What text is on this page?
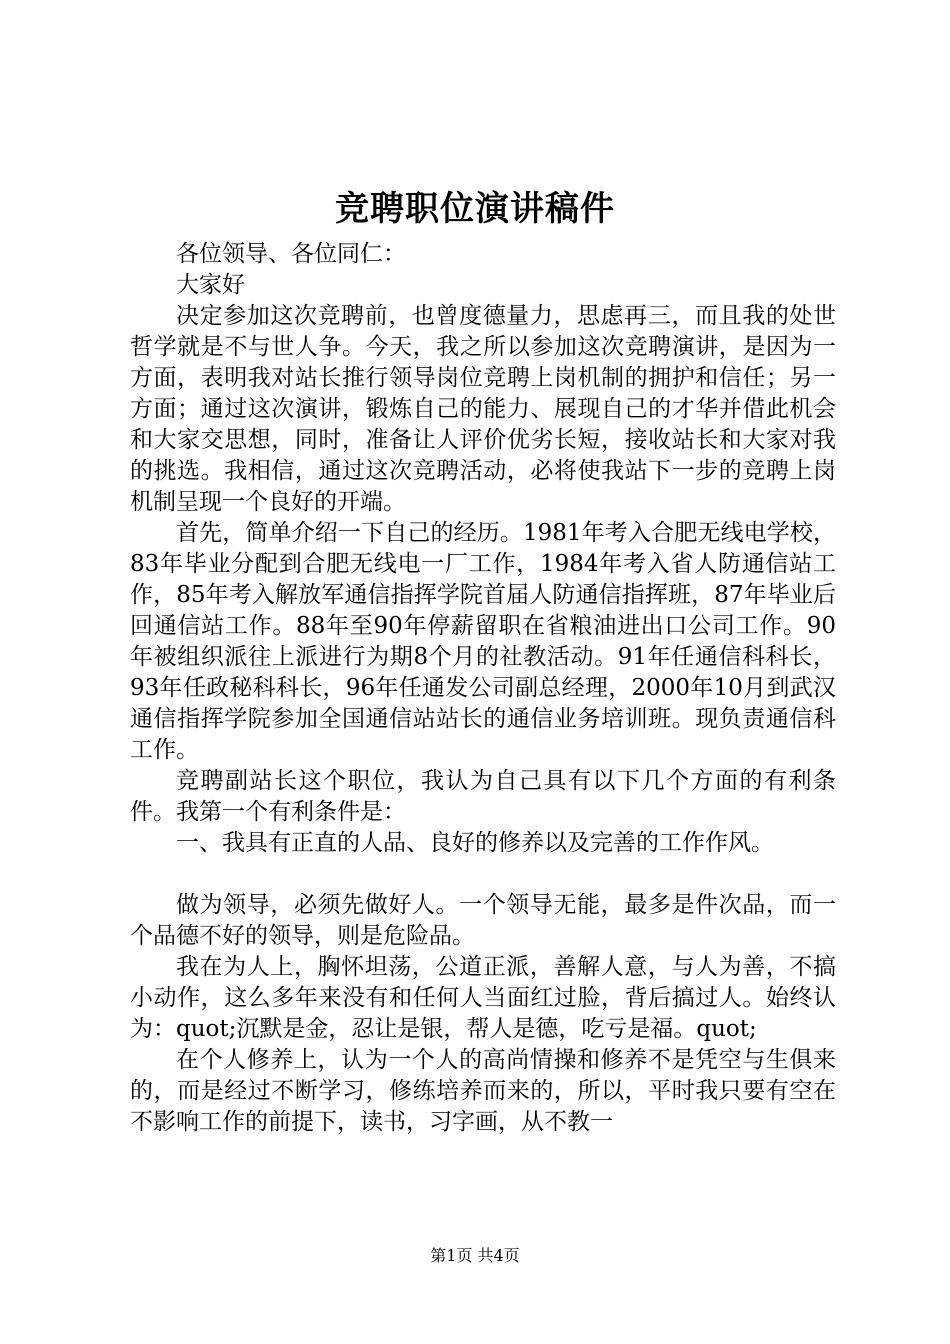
竞聘职位演讲稿件

各位领导、各位同仁：

大家好

决定参加这次竞聘前，也曾度德量力，思虑再三，而且我的处世哲学就是不与世人争。今天，我之所以参加这次竞聘演讲，是因为一方面，表明我对站长推行领导岗位竞聘上岗机制的拥护和信任；另一方面；通过这次演讲，锻炼自己的能力、展现自己的才华并借此机会和大家交思想，同时，准备让人评价优劣长短，接收站长和大家对我的挑选。我相信，通过这次竞聘活动，必将使我站下一步的竞聘上岗机制呈现一个良好的开端。

首先，简单介绍一下自己的经历。1981年考入合肥无线电学校，83年毕业分配到合肥无线电一厂工作，1984年考入省人防通信站工作，85年考入解放军通信指挥学院首届人防通信指挥班，87年毕业后回通信站工作。88年至90年停薪留职在省粮油进出口公司工作。90年被组织派往上派进行为期8个月的社教活动。91年任通信科科长，93年任政秘科科长，96年任通发公司副总经理，2000年10月到武汉通信指挥学院参加全国通信站站长的通信业务培训班。现负责通信科工作。

竞聘副站长这个职位，我认为自己具有以下几个方面的有利条件。我第一个有利条件是：

一、我具有正直的人品、良好的修养以及完善的工作作风。

做为领导，必须先做好人。一个领导无能，最多是件次品，而一个品德不好的领导，则是危险品。

我在为人上，胸怀坦荡，公道正派，善解人意，与人为善，不搞小动作，这么多年来没有和任何人当面红过脸，背后搞过人。始终认为：quot;沉默是金，忍让是银，帮人是德，吃亏是福。quot;

在个人修养上，认为一个人的高尚情操和修养不是凭空与生俱来的，而是经过不断学习，修练培养而来的，所以，平时我只要有空在不影响工作的前提下，读书，习字画，从不教一

第1页 共4页
